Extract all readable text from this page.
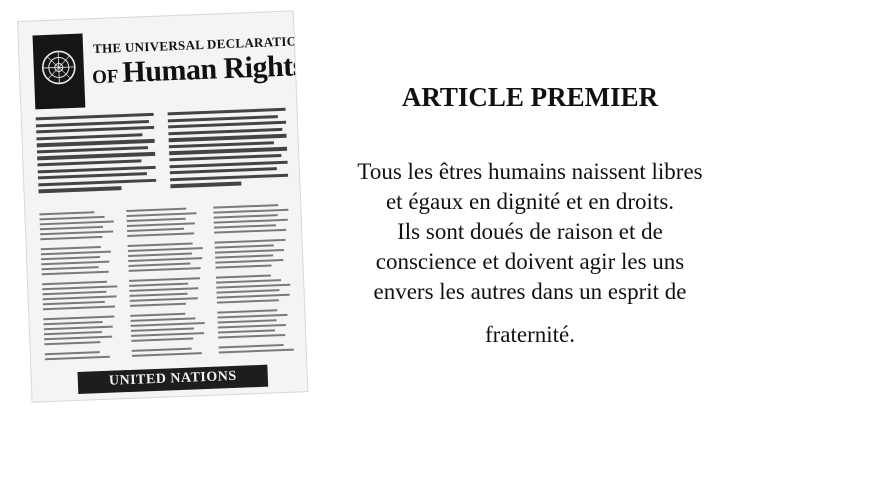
THE UNIVERSAL DECLARATION
OF Human Rights
UNITED NATIONS
ARTICLE PREMIER
Tous les êtres humains naissent libres
et égaux en dignité et en droits.
Ils sont doués de raison et de
conscience et doivent agir les uns
envers les autres dans un esprit de
fraternité.
